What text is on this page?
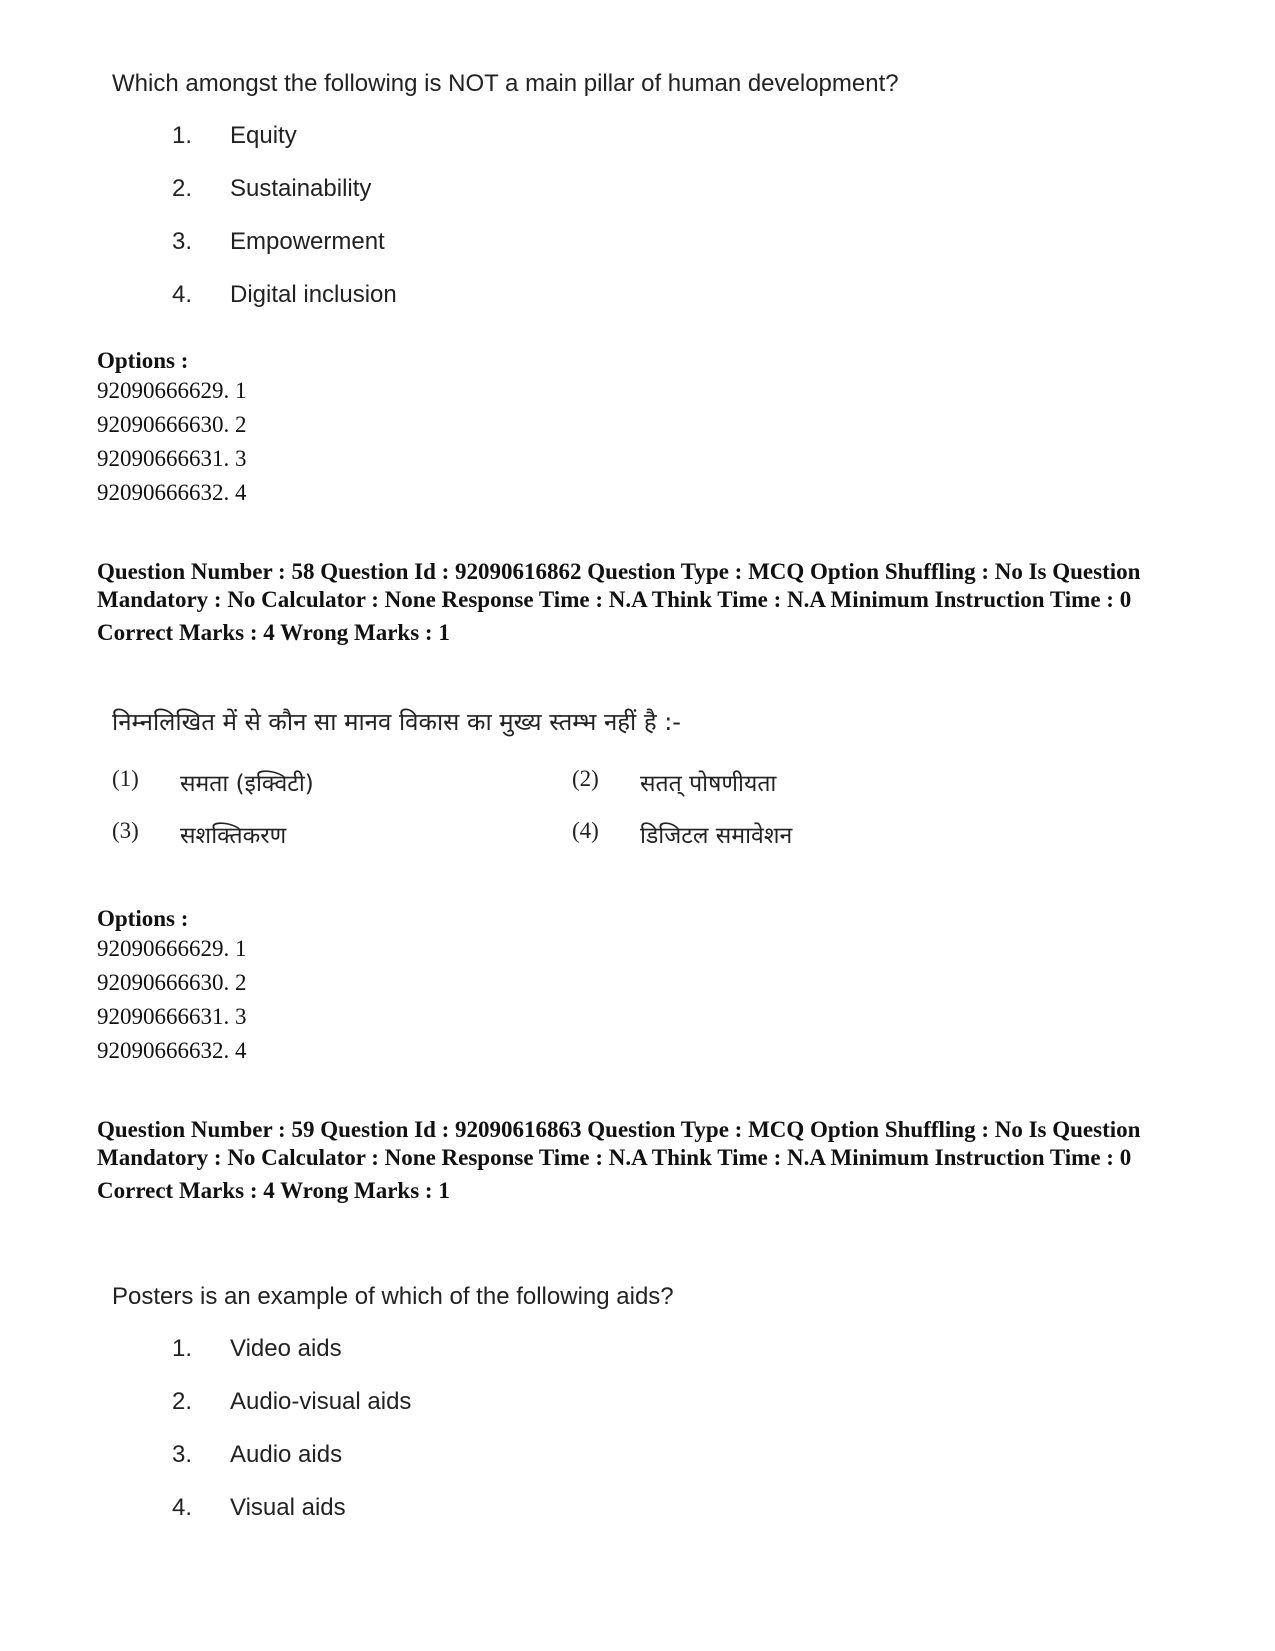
Which amongst the following is NOT a main pillar of human development?
1.	Equity
2.	Sustainability
3.	Empowerment
4.	Digital inclusion
Options :
92090666629. 1
92090666630. 2
92090666631. 3
92090666632. 4
Question Number : 58 Question Id : 92090616862 Question Type : MCQ Option Shuffling : No Is Question Mandatory : No Calculator : None Response Time : N.A Think Time : N.A Minimum Instruction Time : 0
Correct Marks : 4 Wrong Marks : 1
निम्नलिखित में से कौन सा मानव विकास का मुख्य स्तम्भ नहीं है :-
(1)	समता (इक्विटी)	(2)	सतत् पोषणीयता
(3)	सशक्तिकरण	(4)	डिजिटल समावेशन
Options :
92090666629. 1
92090666630. 2
92090666631. 3
92090666632. 4
Question Number : 59 Question Id : 92090616863 Question Type : MCQ Option Shuffling : No Is Question Mandatory : No Calculator : None Response Time : N.A Think Time : N.A Minimum Instruction Time : 0
Correct Marks : 4 Wrong Marks : 1
Posters is an example of which of the following aids?
1.	Video aids
2.	Audio-visual aids
3.	Audio aids
4.	Visual aids
